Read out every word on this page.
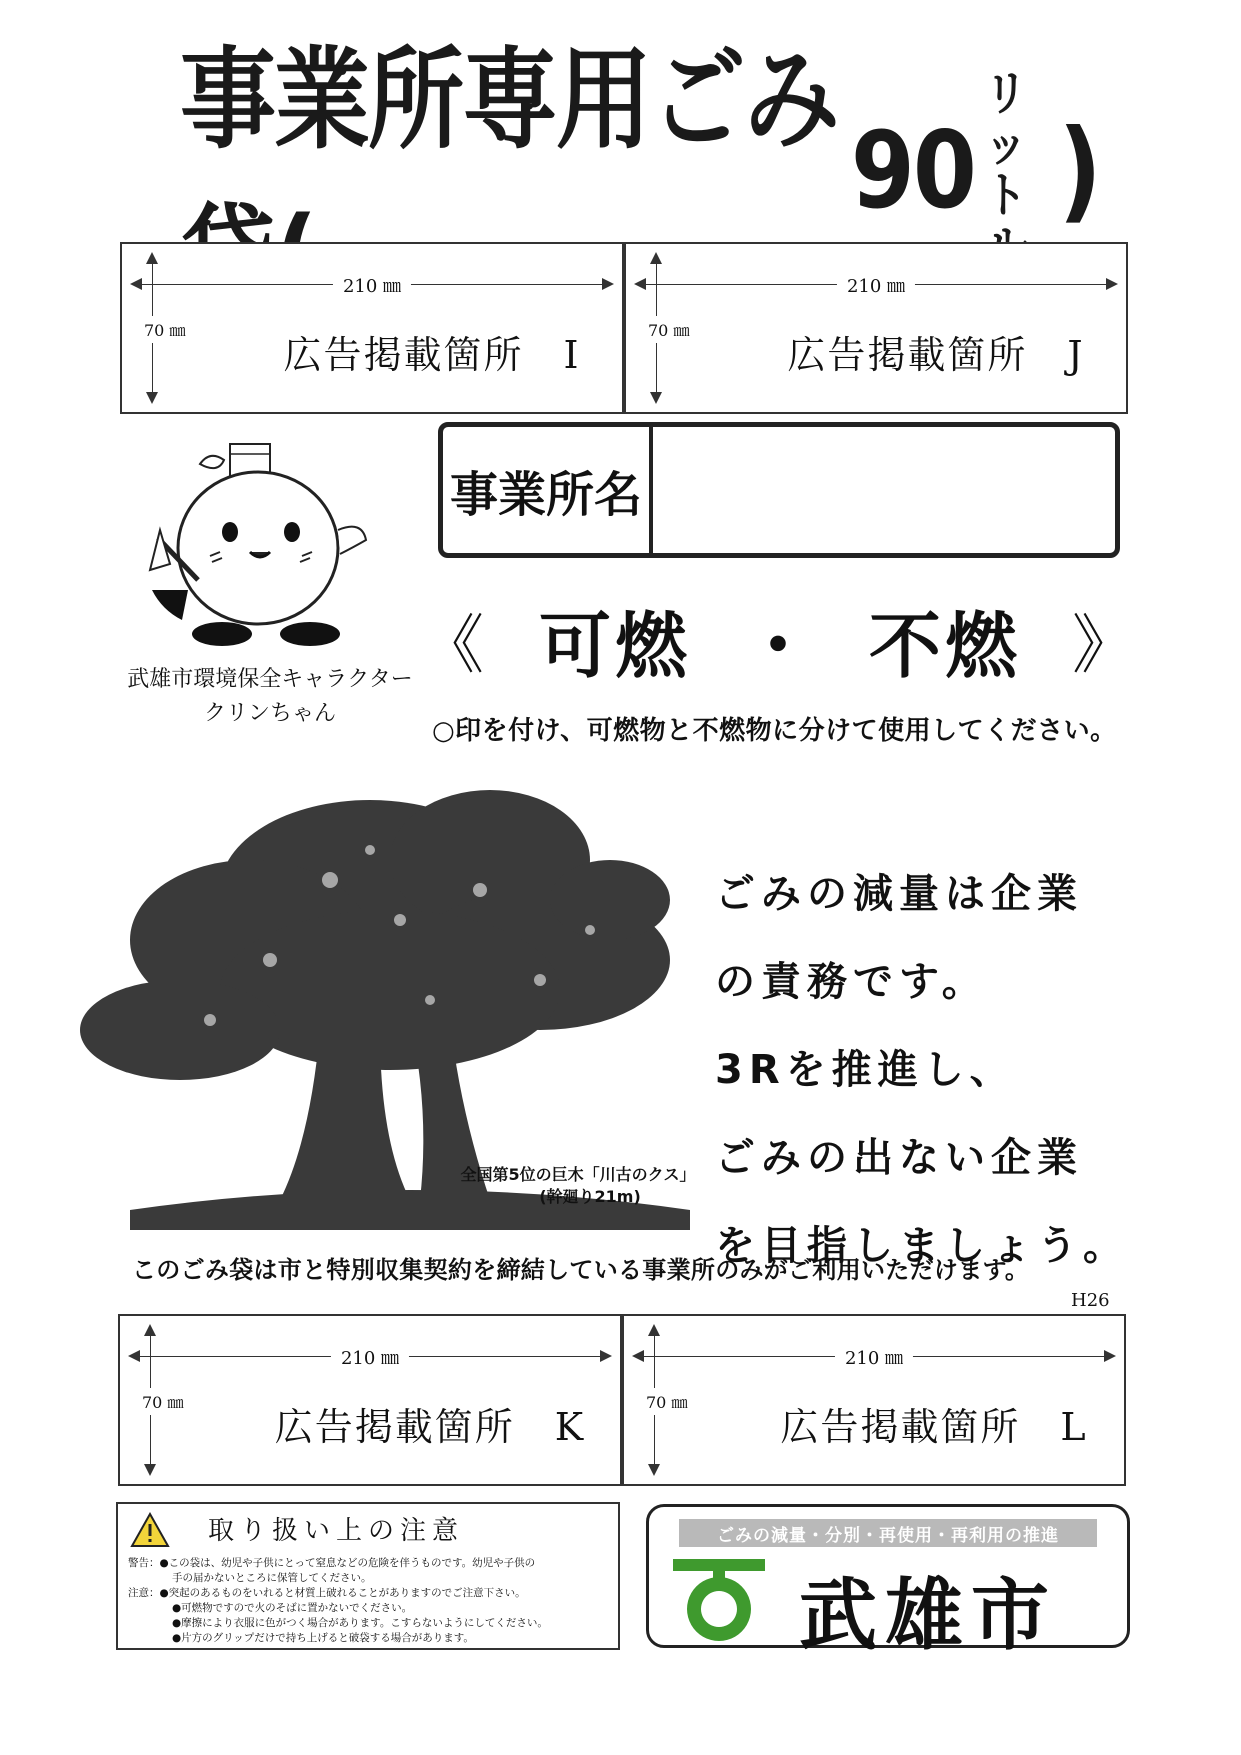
事業所専用ごみ
90
リッ
ト )
210 ㎜
70 ㎜
広告掲載箇所　I
210 ㎜
70 ㎜
広告掲載箇所　J
武雄市環境保全キャラクター
クリンちゃん
事業所名
《 可燃 ・ 不燃 》
○印を付け、可燃物と不燃物に分けて使用してください。
全国第5位の巨木「川古のクス」
(幹廻り21m)
ごみの減量は企業
の責務です。
3Rを推進し、
ごみの出ない企業
を目指しましょう。
このごみ袋は市と特別収集契約を締結している事業所のみがご利用いただけます。
H26
210 ㎜
70 ㎜
広告掲載箇所　K
210 ㎜
70 ㎜
広告掲載箇所　L
取り扱い上の注意
警告：●この袋は、幼児や子供にとって窒息などの危険を伴うものです。幼児や子供の
手の届かないところに保管してください。
注意：●突起のあるものをいれると材質上破れることがありますのでご注意下さい。
●可燃物ですので火のそばに置かないでください。
●摩擦により衣服に色がつく場合があります。こすらないようにしてください。
●片方のグリップだけで持ち上げると破袋する場合があります。
ごみの減量・分別・再使用・再利用の推進
武雄市
